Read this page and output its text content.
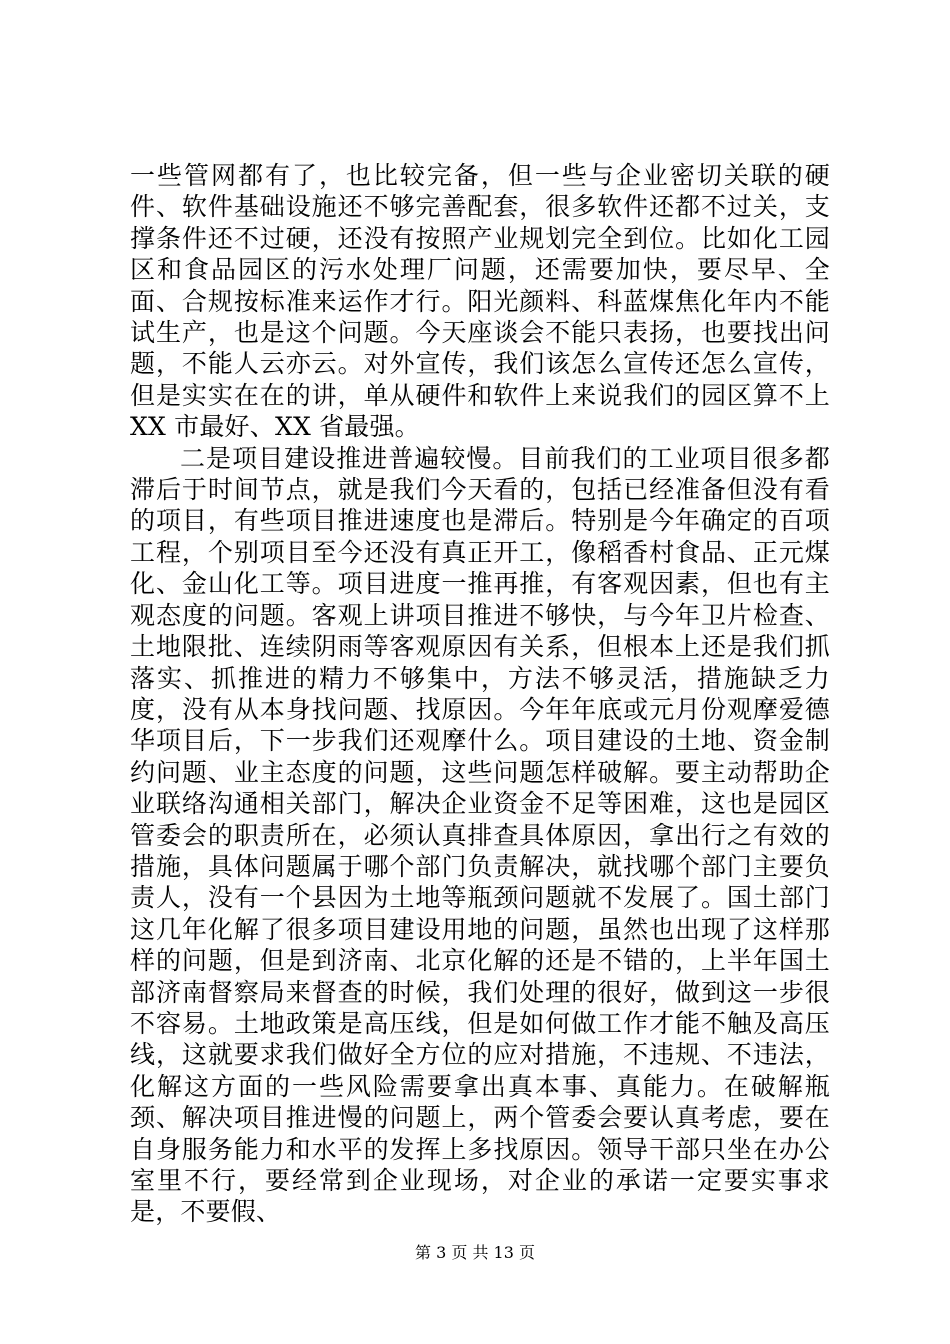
一些管网都有了，也比较完备，但一些与企业密切关联的硬件、软件基础设施还不够完善配套，很多软件还都不过关，支撑条件还不过硬，还没有按照产业规划完全到位。比如化工园区和食品园区的污水处理厂问题，还需要加快，要尽早、全面、合规按标准来运作才行。阳光颜料、科蓝煤焦化年内不能试生产，也是这个问题。今天座谈会不能只表扬，也要找出问题，不能人云亦云。对外宣传，我们该怎么宣传还怎么宣传，但是实实在在的讲，单从硬件和软件上来说我们的园区算不上 XX 市最好、XX 省最强。

二是项目建设推进普遍较慢。目前我们的工业项目很多都滞后于时间节点，就是我们今天看的，包括已经准备但没有看的项目，有些项目推进速度也是滞后。特别是今年确定的百项工程，个别项目至今还没有真正开工，像稻香村食品、正元煤化、金山化工等。项目进度一推再推，有客观因素，但也有主观态度的问题。客观上讲项目推进不够快，与今年卫片检查、土地限批、连续阴雨等客观原因有关系，但根本上还是我们抓落实、抓推进的精力不够集中，方法不够灵活，措施缺乏力度，没有从本身找问题、找原因。今年年底或元月份观摩爱德华项目后，下一步我们还观摩什么。项目建设的土地、资金制约问题、业主态度的问题，这些问题怎样破解。要主动帮助企业联络沟通相关部门，解决企业资金不足等困难，这也是园区管委会的职责所在，必须认真排查具体原因，拿出行之有效的措施，具体问题属于哪个部门负责解决，就找哪个部门主要负责人，没有一个县因为土地等瓶颈问题就不发展了。国土部门这几年化解了很多项目建设用地的问题，虽然也出现了这样那样的问题，但是到济南、北京化解的还是不错的，上半年国土部济南督察局来督查的时候，我们处理的很好，做到这一步很不容易。土地政策是高压线，但是如何做工作才能不触及高压线，这就要求我们做好全方位的应对措施，不违规、不违法，化解这方面的一些风险需要拿出真本事、真能力。在破解瓶颈、解决项目推进慢的问题上，两个管委会要认真考虑，要在自身服务能力和水平的发挥上多找原因。领导干部只坐在办公室里不行，要经常到企业现场，对企业的承诺一定要实事求是，不要假、

第 3 页 共 13 页
